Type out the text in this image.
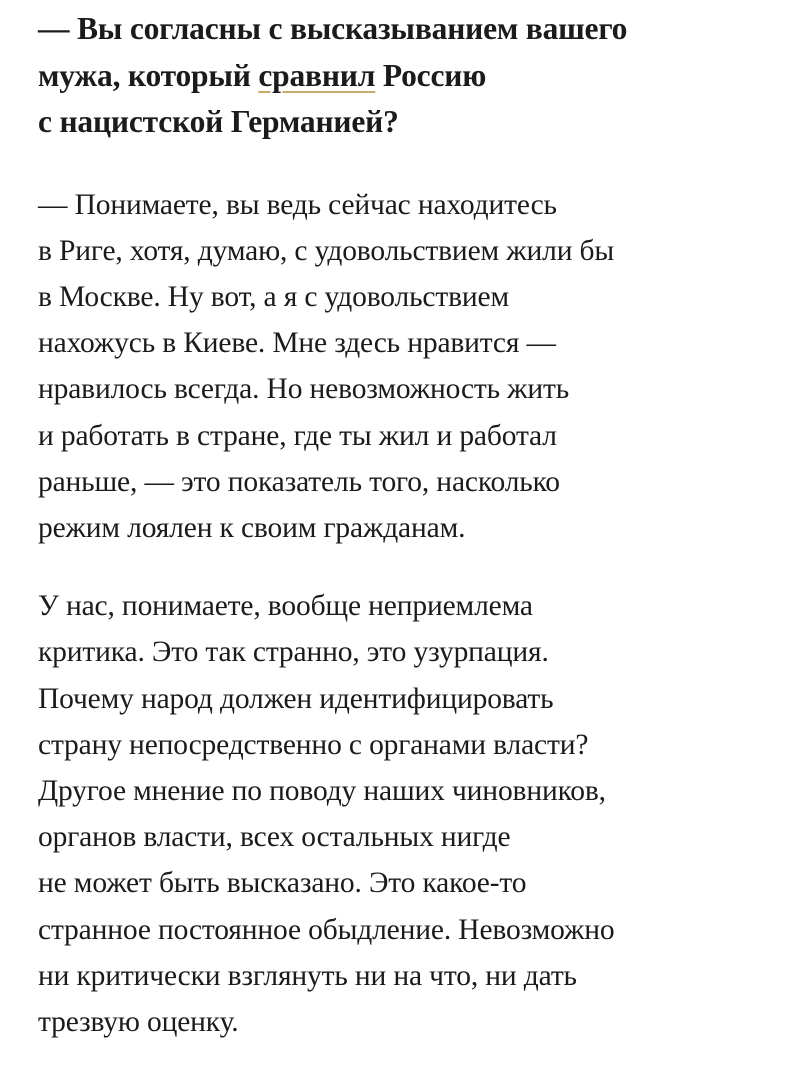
— Вы согласны с высказыванием вашего
мужа, который сравнил Россию
с нацистской Германией?

— Понимаете, вы ведь сейчас находитесь
в Риге, хотя, думаю, с удовольствием жили бы
в Москве. Ну вот, а я с удовольствием
нахожусь в Киеве. Мне здесь нравится —
нравилось всегда. Но невозможность жить
и работать в стране, где ты жил и работал
раньше, — это показатель того, насколько
режим лоялен к своим гражданам.

У нас, понимаете, вообще неприемлема
критика. Это так странно, это узурпация.
Почему народ должен идентифицировать
страну непосредственно с органами власти?
Другое мнение по поводу наших чиновников,
органов власти, всех остальных нигде
не может быть высказано. Это какое-то
странное постоянное обыдление. Невозможно
ни критически взглянуть ни на что, ни дать
трезвую оценку.
